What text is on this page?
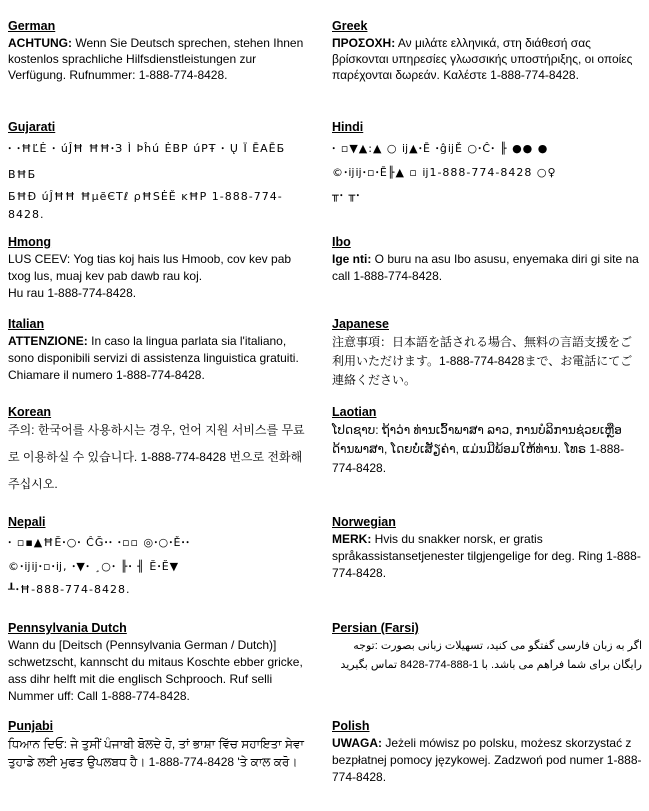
German
ACHTUNG: Wenn Sie Deutsch sprechen, stehen Ihnen kostenlos sprachliche Hilfsdienstleistungen zur Verfügung. Rufnummer: 1-888-774-8428.
Gujarati
ꞏ ꞏĦĽĖ ꞏ úĴĦ ĦĦꞏЗ Ì Þĥú ĖBP úPŦ ꞏ Ų Ï ĒAĒБ BĦБ
БĦĐ úĴĦĦ ĦµẽЄТℓ ρĦSĖĚ ĸĦP 1-888-774-8428.
Hmong
LUS CEEV: Yog tias koj hais lus Hmoob, cov kev pab txog lus, muaj kev pab dawb rau koj.
Hu rau 1-888-774-8428.
Italian
ATTENZIONE: In caso la lingua parlata sia l'italiano, sono disponibili servizi di assistenza linguistica gratuiti. Chiamare il numero 1-888-774-8428.
Korean
주의: 한국어를 사용하시는 경우, 언어 지원 서비스를 무료로 이용하실 수 있습니다. 1-888-774-8428 번으로 전화해 주십시오.
Nepali
ꞏ ▫▪▲ĦĔꞏ○ꞏ ĈĞꞏꞏ ꞏ▫▫ ◎ꞏ○ꞏĚꞏꞏ
©ꞏĳĳꞏ▫ꞏĳ, ꞏ▼ꞏ ¸○ꞏ ╟ꞏ ╢ ĔꞏĔ▼
┸ꞏĦ-888-774-8428.
Pennsylvania Dutch
Wann du [Deitsch (Pennsylvania German / Dutch)] schwetzscht, kannscht du mitaus Koschte ebber gricke, ass dihr helft mit die englisch Schprooch. Ruf selli Nummer uff: Call 1-888-774-8428.
Punjabi
ਧਿਆਨ ਦਿਓ: ਜੇ ਤੁਸੀਂ ਪੰਜਾਬੀ ਬੋਲਦੇ ਹੋ, ਤਾਂ ਭਾਸ਼ਾ ਵਿੱਚ ਸਹਾਇਤਾ ਸੇਵਾ ਤੁਹਾਡੇ ਲਈ ਮੁਫਤ ਉਪਲਬਧ ਹੈ। 1-888-774-8428 'ਤੇ ਕਾਲ ਕਰੋ।
Greek
ΠΡΟΣΟΧΗ: Αν μιλάτε ελληνικά, στη διάθεσή σας βρίσκονται υπηρεσίες γλωσσικής υποστήριξης, οι οποίες παρέχονται δωρεάν. Καλέστε 1-888-774-8428.
Hindi
ꞏ ▫▼▲꞉▲ ○ ĳ▲ꞏĒ ꞏĝĳĚ ○ꞏĈꞏ ╟ ●● ●
©ꞏĳĳꞏ▫ꞏĒ╟▲ ▫ ĳ1-888-774-8428 ○♀
╥ꞏ ╥ꞏ
Ibo
Ige nti: O buru na asu Ibo asusu, enyemaka diri gi site na call 1-888-774-8428.
Japanese
注意事項：日本語を話される場合、無料の言語支援をご利用いただけます。1-888-774-8428まで、お電話にてご連絡ください。
Laotian
ໂປດຊາບ: ຖ້າວ່າ ທ່ານເວົ້າພາສາ ລາວ, ການບໍລິການຊ່ວຍເຫຼືອດ້ານພາສາ, ໂດຍບໍ່ເສັຽຄ່າ, ແມ່ນມີພ້ອມໃຫ້ທ່ານ. ໂທຣ 1-888-774-8428.
Norwegian
MERK: Hvis du snakker norsk, er gratis språkassistansetjenester tilgjengelige for deg. Ring 1-888-774-8428.
Persian (Farsi)
اگر به زبان فارسی گفتگو می کنید، تسهیلات زبانی بصورت :توجه
رایگان برای شما فراهم می باشد. با 1-888-774-8428 تماس بگیرید
Polish
UWAGA: Jeżeli mówisz po polsku, możesz skorzystać z bezpłatnej pomocy językowej. Zadzwoń pod numer 1-888-774-8428.
